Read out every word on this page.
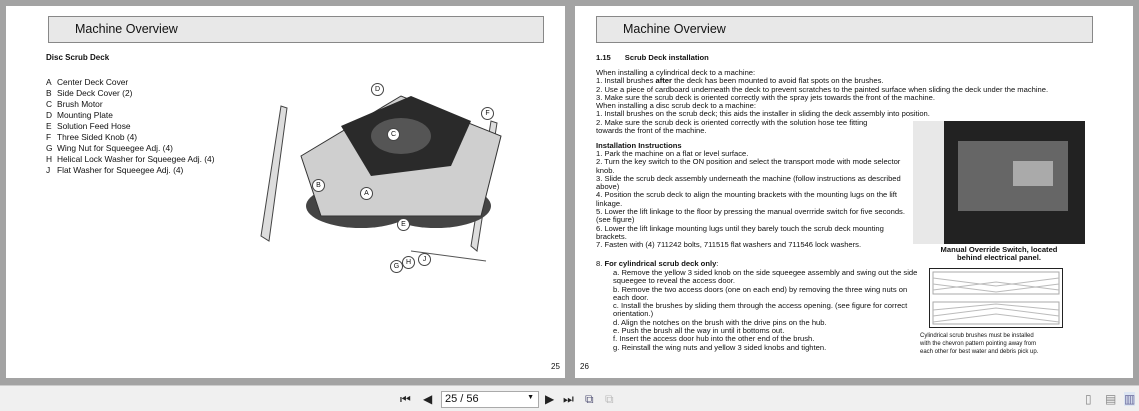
Machine Overview
Disc Scrub Deck
A Center Deck Cover
B Side Deck Cover (2)
C Brush Motor
D Mounting Plate
E Solution Feed Hose
F Three Sided Knob (4)
G Wing Nut for Squeegee Adj. (4)
H Helical Lock Washer for Squeegee Adj. (4)
J Flat Washer for Squeegee Adj. (4)
D
F
C
B
A
E
G
H	J
25
Machine Overview
1.15 Scrub Deck installation
When installing a cylindrical deck to a machine:
1. Install brushes after the deck has been mounted to avoid flat spots on the brushes.
2. Use a piece of cardboard underneath the deck to prevent scratches to the painted surface when sliding the deck under the machine.
3. Make sure the scrub deck is oriented correctly with the spray jets towards the front of the machine.
When installing a disc scrub deck to a machine:
1. Install brushes on the scrub deck; this aids the installer in sliding the deck assembly into position.
2. Make sure the scrub deck is oriented correctly with the solution hose tee fitting
towards the front of the machine.
Installation Instructions
1. Park the machine on a flat or level surface.
2. Turn the key switch to the ON position and select the transport mode with mode selector
knob.
3. Slide the scrub deck assembly underneath the machine (follow instructions as described
above)
4. Position the scrub deck to align the mounting brackets with the mounting lugs on the lift
linkage.
5. Lower the lift linkage to the floor by pressing the manual overrride switch for five seconds.
(see figure)
6. Lower the lift linkage mounting lugs until they barely touch the scrub deck mounting
brackets.
7. Fasten with (4) 711242 bolts, 711515 flat washers and 711546 lock washers.
8. For cylindrical scrub deck only:
a. Remove the yellow 3 sided knob on the side squeegee assembly and swing out the side
squeegee to reveal the access door.
b. Remove the two access doors (one on each end) by removing the three wing nuts on
each door.
c. Install the brushes by sliding them through the access opening. (see figure for correct
orientation.)
d. Align the notches on the brush with the drive pins on the hub.
e. Push the brush all the way in until it bottoms out.
f. Insert the access door hub into the other end of the brush.
g. Reinstall the wing nuts and yellow 3 sided knobs and tighten.
Manual Override Switch, located
behind electrical panel.
Cylindrical scrub brushes must be installed
with the chevron pattern pointing away from
each other for best water and debris pick up.
26
⏮ ◀	25 / 56	▼ ▶ ⏭ ⧉ ⧉	▯ ▤ ▥
